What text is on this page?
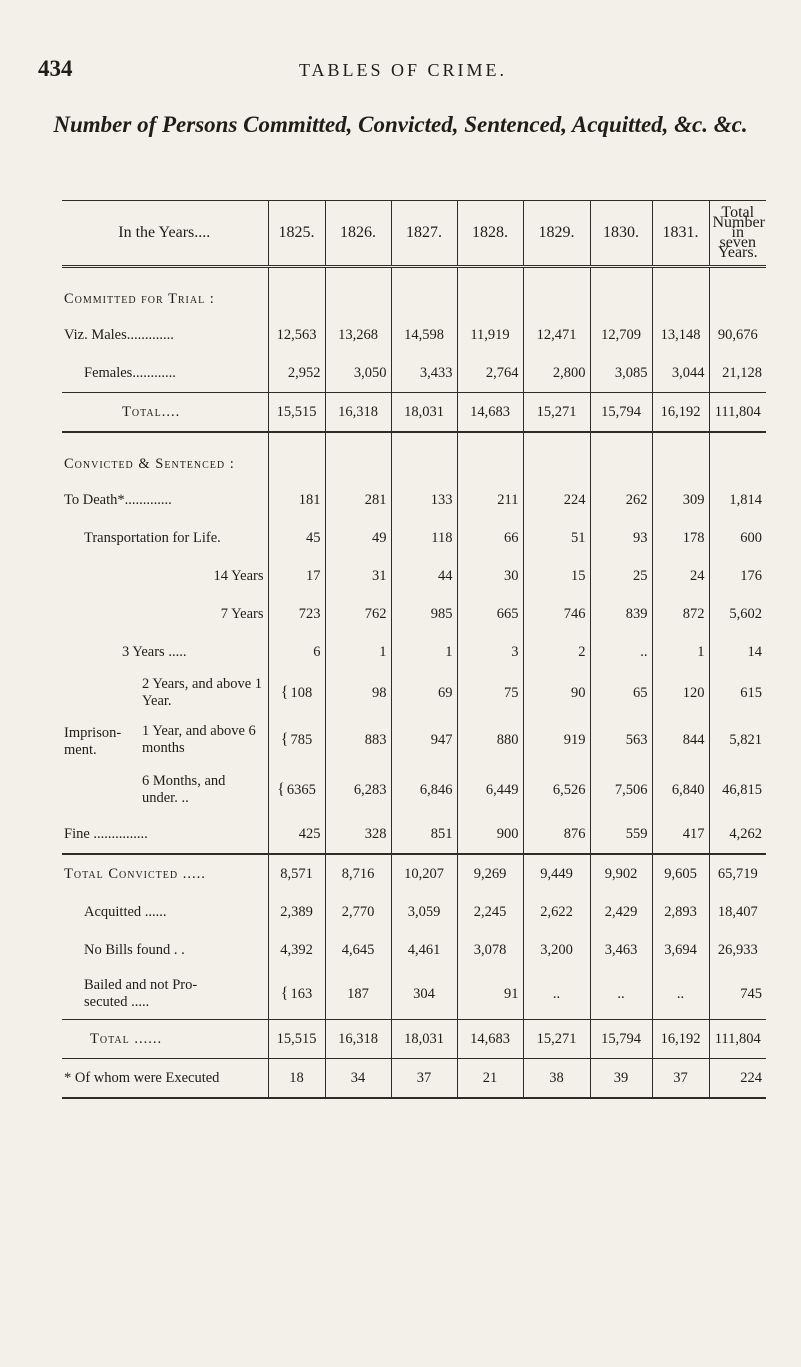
434	TABLES OF CRIME.
Number of Persons Committed, Convicted, Sentenced, Acquitted, &c. &c.
In the Years....	1825.	1826.	1827.	1828.	1829.	1830.	1831.	Total Number in seven Years.

Committed for Trial :								
Viz. Males.............	12,563	13,268	14,598	11,919	12,471	12,709	13,148	90,676
Females............	2,952	3,050	3,433	2,764	2,800	3,085	3,044	21,128
Total....	15,515	16,318	18,031	14,683	15,271	15,794	16,192	111,804

Convicted & Sentenced :								
To Death*.............	181	281	133	211	224	262	309	1,814
Transportation for Life.	45	49	118	66	51	93	178	600
14 Years	17	31	44	30	15	25	24	176
7 Years	723	762	985	665	746	839	872	5,602
3 Years .....	6	1	1	3	2	..	1	14
2 Years, and above 1 Year.	{ 108	98	69	75	90	65	120	615
1 Year, and above 6 months	{ 785	883	947	880	919	563	844	5,821
6 Months, and under. ..	{ 6365	6,283	6,846	6,449	6,526	7,506	6,840	46,815
Fine ...............	425	328	851	900	876	559	417	4,262
Total Convicted .....	8,571	8,716	10,207	9,269	9,449	9,902	9,605	65,719
Acquitted ......	2,389	2,770	3,059	2,245	2,622	2,429	2,893	18,407
No Bills found . .	4,392	4,645	4,461	3,078	3,200	3,463	3,694	26,933
Bailed and not Pro- secuted .....	{ 163	187	304	91	..	..	..	745
Total ......	15,515	16,318	18,031	14,683	15,271	15,794	16,192	111,804
* Of whom were Executed	18	34	37	21	38	39	37	224
Imprison- ment.
